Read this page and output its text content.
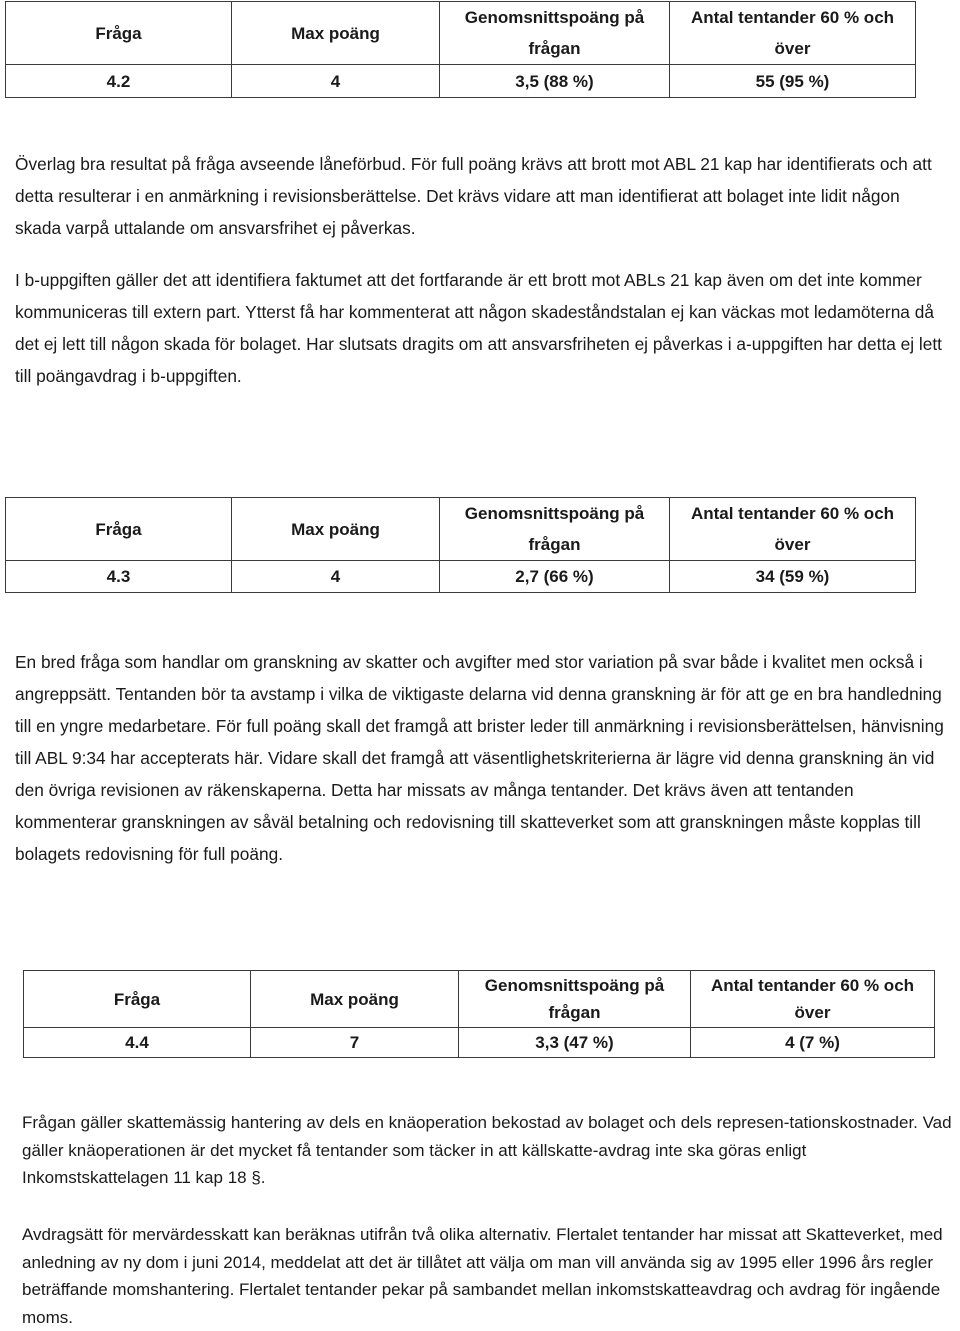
Fråga	Max poäng	Genomsnittspoäng på frågan	Antal tentander 60 % och över
4.2	4	3,5 (88 %)	55 (95 %)

Överlag bra resultat på fråga avseende låneförbud. För full poäng krävs att brott mot ABL 21 kap har identifierats och att detta resulterar i en anmärkning i revisionsberättelse. Det krävs vidare att man identifierat att bolaget inte lidit någon skada varpå uttalande om ansvarsfrihet ej påverkas.

I b-uppgiften gäller det att identifiera faktumet att det fortfarande är ett brott mot ABLs 21 kap även om det inte kommer kommuniceras till extern part. Ytterst få har kommenterat att någon skadeståndstalan ej kan väckas mot ledamöterna då det ej lett till någon skada för bolaget. Har slutsats dragits om att ansvarsfriheten ej påverkas i a-uppgiften har detta ej lett till poängavdrag i b-uppgiften.

Fråga	Max poäng	Genomsnittspoäng på frågan	Antal tentander 60 % och över
4.3	4	2,7 (66 %)	34 (59 %)

En bred fråga som handlar om granskning av skatter och avgifter med stor variation på svar både i kvalitet men också i angreppsätt. Tentanden bör ta avstamp i vilka de viktigaste delarna vid denna granskning är för att ge en bra handledning till en yngre medarbetare. För full poäng skall det framgå att brister leder till anmärkning i revisionsberättelsen, hänvisning till ABL 9:34 har accepterats här. Vidare skall det framgå att väsentlighetskriterierna är lägre vid denna granskning än vid den övriga revisionen av räkenskaperna. Detta har missats av många tentander. Det krävs även att tentanden kommenterar granskningen av såväl betalning och redovisning till skatteverket som att granskningen måste kopplas till bolagets redovisning för full poäng.

Fråga	Max poäng	Genomsnittspoäng på frågan	Antal tentander 60 % och över
4.4	7	3,3 (47 %)	4 (7 %)

Frågan gäller skattemässig hantering av dels en knäoperation bekostad av bolaget och dels represen-tationskostnader. Vad gäller knäoperationen är det mycket få tentander som täcker in att källskatte-avdrag inte ska göras enligt Inkomstskattelagen 11 kap 18 §.

Avdragsätt för mervärdesskatt kan beräknas utifrån två olika alternativ. Flertalet tentander har missat att Skatteverket, med anledning av ny dom i juni 2014, meddelat att det är tillåtet att välja om man vill använda sig av 1995 eller 1996 års regler beträffande momshantering. Flertalet tentander pekar på sambandet mellan inkomstskatteavdrag och avdrag för ingående moms.
